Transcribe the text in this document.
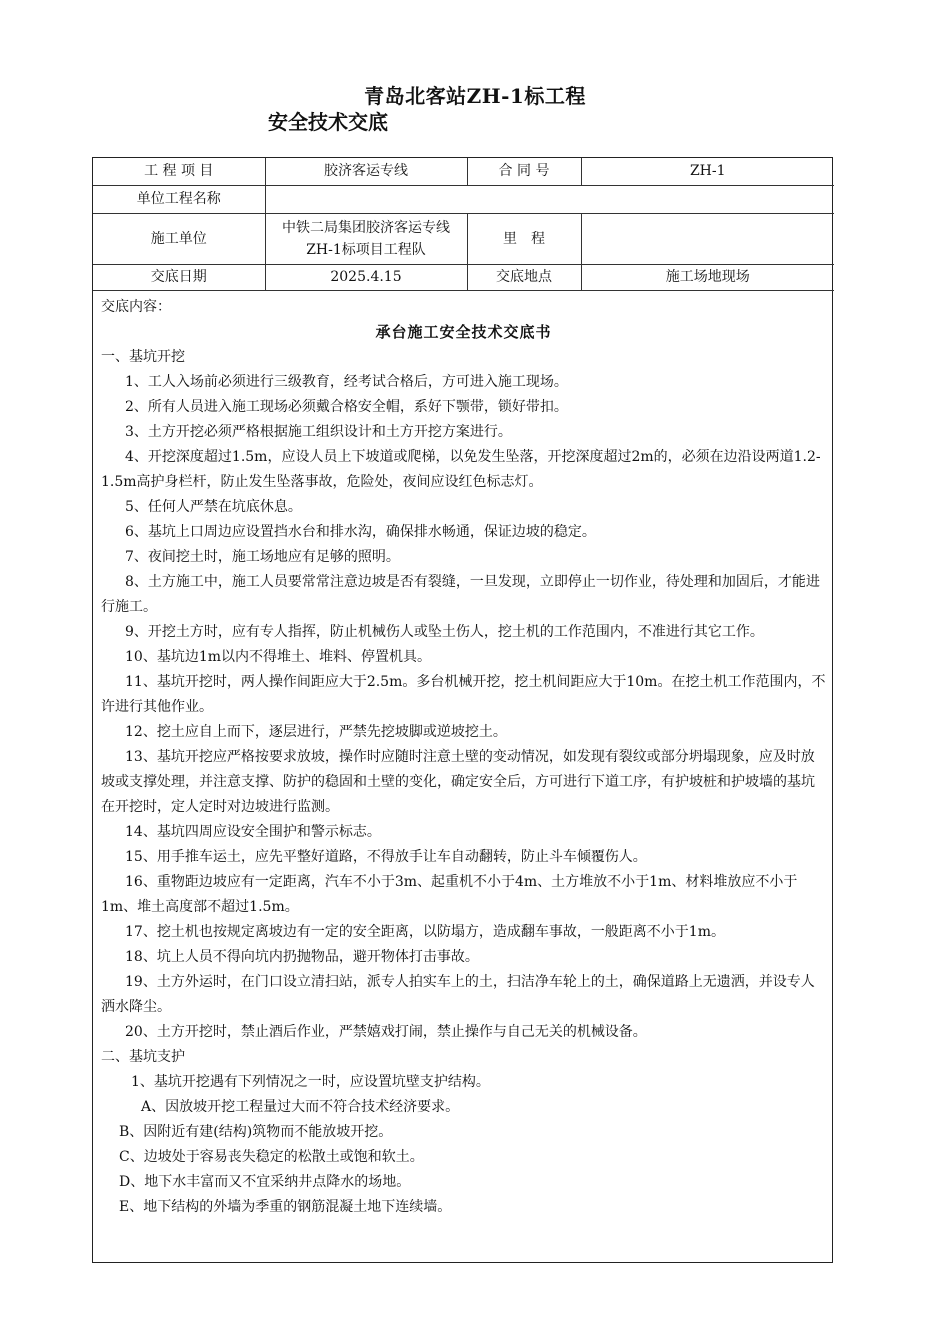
青岛北客站ZH-1标工程
安全技术交底
工 程 项 目	胶济客运专线	合 同 号	ZH-1
单位工程名称			
施工单位	中铁二局集团胶济客运专线ZH-1标项目工程队	里　程	
交底日期	2025.4.15	交底地点	施工场地现场

交底内容：

承台施工安全技术交底书

一、基坑开挖

1、工人入场前必须进行三级教育，经考试合格后，方可进入施工现场。

2、所有人员进入施工现场必须戴合格安全帽，系好下颚带，锁好带扣。

3、土方开挖必须严格根据施工组织设计和土方开挖方案进行。

4、开挖深度超过1.5m，应设人员上下坡道或爬梯，以免发生坠落，开挖深度超过2m的，必须在边沿设两道1.2-1.5m高护身栏杆，防止发生坠落事故，危险处，夜间应设红色标志灯。

5、任何人严禁在坑底休息。

6、基坑上口周边应设置挡水台和排水沟，确保排水畅通，保证边坡的稳定。

7、夜间挖土时，施工场地应有足够的照明。

8、土方施工中，施工人员要常常注意边坡是否有裂缝，一旦发现，立即停止一切作业，待处理和加固后，才能进行施工。

9、开挖土方时，应有专人指挥，防止机械伤人或坠土伤人，挖土机的工作范围内，不准进行其它工作。

10、基坑边1m以内不得堆土、堆料、停置机具。

11、基坑开挖时，两人操作间距应大于2.5m。多台机械开挖，挖土机间距应大于10m。在挖土机工作范围内，不许进行其他作业。

12、挖土应自上而下，逐层进行，严禁先挖坡脚或逆坡挖土。

13、基坑开挖应严格按要求放坡，操作时应随时注意土壁的变动情况，如发现有裂纹或部分坍塌现象，应及时放坡或支撑处理，并注意支撑、防护的稳固和土壁的变化，确定安全后，方可进行下道工序，有护坡桩和护坡墙的基坑在开挖时，定人定时对边坡进行监测。

14、基坑四周应设安全围护和警示标志。

15、用手推车运土，应先平整好道路，不得放手让车自动翻转，防止斗车倾覆伤人。

16、重物距边坡应有一定距离，汽车不小于3m、起重机不小于4m、土方堆放不小于1m、材料堆放应不小于1m、堆土高度部不超过1.5m。

17、挖土机也按规定离坡边有一定的安全距离，以防塌方，造成翻车事故，一般距离不小于1m。

18、坑上人员不得向坑内扔抛物品，避开物体打击事故。

19、土方外运时，在门口设立清扫站，派专人拍实车上的土，扫洁净车轮上的土，确保道路上无遗洒，并设专人洒水降尘。

20、土方开挖时，禁止酒后作业，严禁嬉戏打闹，禁止操作与自己无关的机械设备。

二、基坑支护

1、基坑开挖遇有下列情况之一时，应设置坑壁支护结构。

A、因放坡开挖工程量过大而不符合技术经济要求。

B、因附近有建(结构)筑物而不能放坡开挖。

C、边坡处于容易丧失稳定的松散土或饱和软土。

D、地下水丰富而又不宜采纳井点降水的场地。

E、地下结构的外墙为季重的钢筋混凝土地下连续墙。
